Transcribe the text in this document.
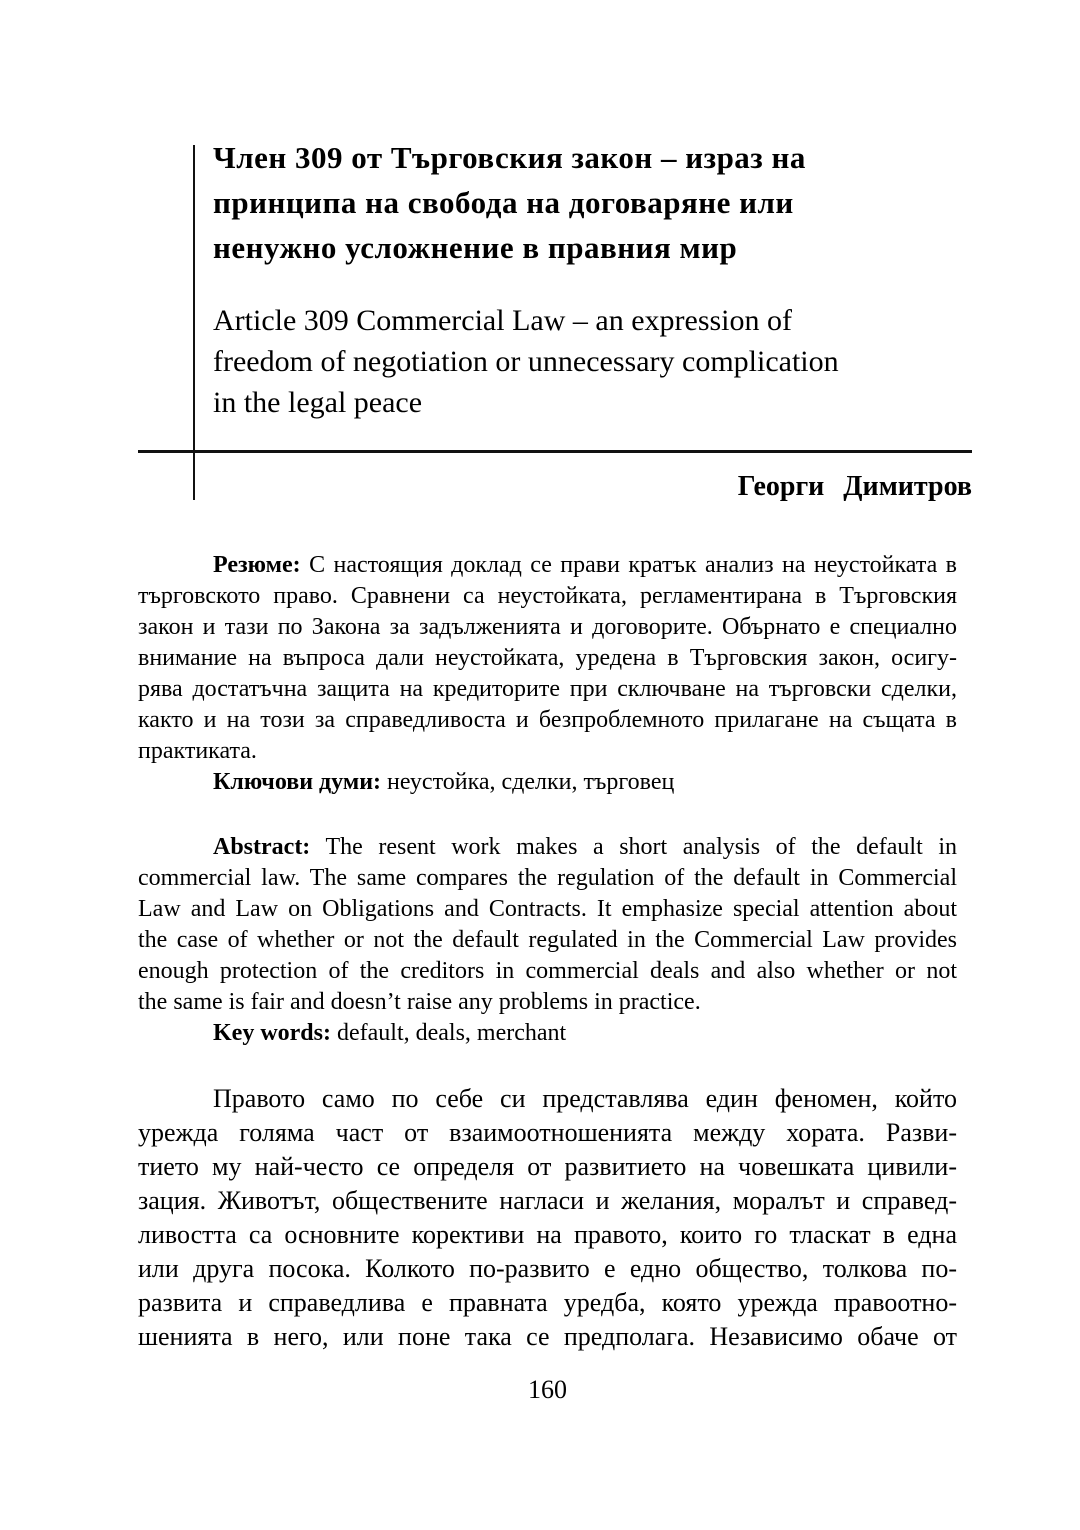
Член 309 от Търговския закон – израз на
принципа на свобода на договаряне или
ненужно усложнение в правния мир
Article 309 Commercial Law – an expression of
freedom of negotiation or unnecessary complication
in the legal peace
Георги Димитров
Резюме: С настоящия доклад се прави кратък анализ на неустойката в
търговското право. Сравнени са неустойката, регламентирана в Търговския
закон и тази по Закона за задълженията и договорите. Обърнато е специално
внимание на въпроса дали неустойката, уредена в Търговския закон, осигу-
рява достатъчна защита на кредиторите при сключване на търговски сделки,
както и на този за справедливоста и безпроблемното прилагане на същата в
практиката.
Ключови думи: неустойка, сделки, търговец
Abstract: The resent work makes a short analysis of the default in
commercial law. The same compares the regulation of the default in Commercial
Law and Law on Obligations and Contracts. It emphasize special attention about
the case of whether or not the default regulated in the Commercial Law provides
enough protection of the creditors in commercial deals and also whether or not
the same is fair and doesn’t raise any problems in practice.
Key words: default, deals, merchant
Правото само по себе си представлява един феномен, който
урежда голяма част от взаимоотношенията между хората. Разви-
тието му най-често се определя от развитието на човешката цивили-
зация. Животът, обществените нагласи и желания, моралът и справед-
ливостта са основните корективи на правото, които го тласкат в една
или друга посока. Колкото по-развито е едно общество, толкова по-
развита и справедлива е правната уредба, която урежда правоотно-
шенията в него, или поне така се предполага. Независимо обаче от
160
